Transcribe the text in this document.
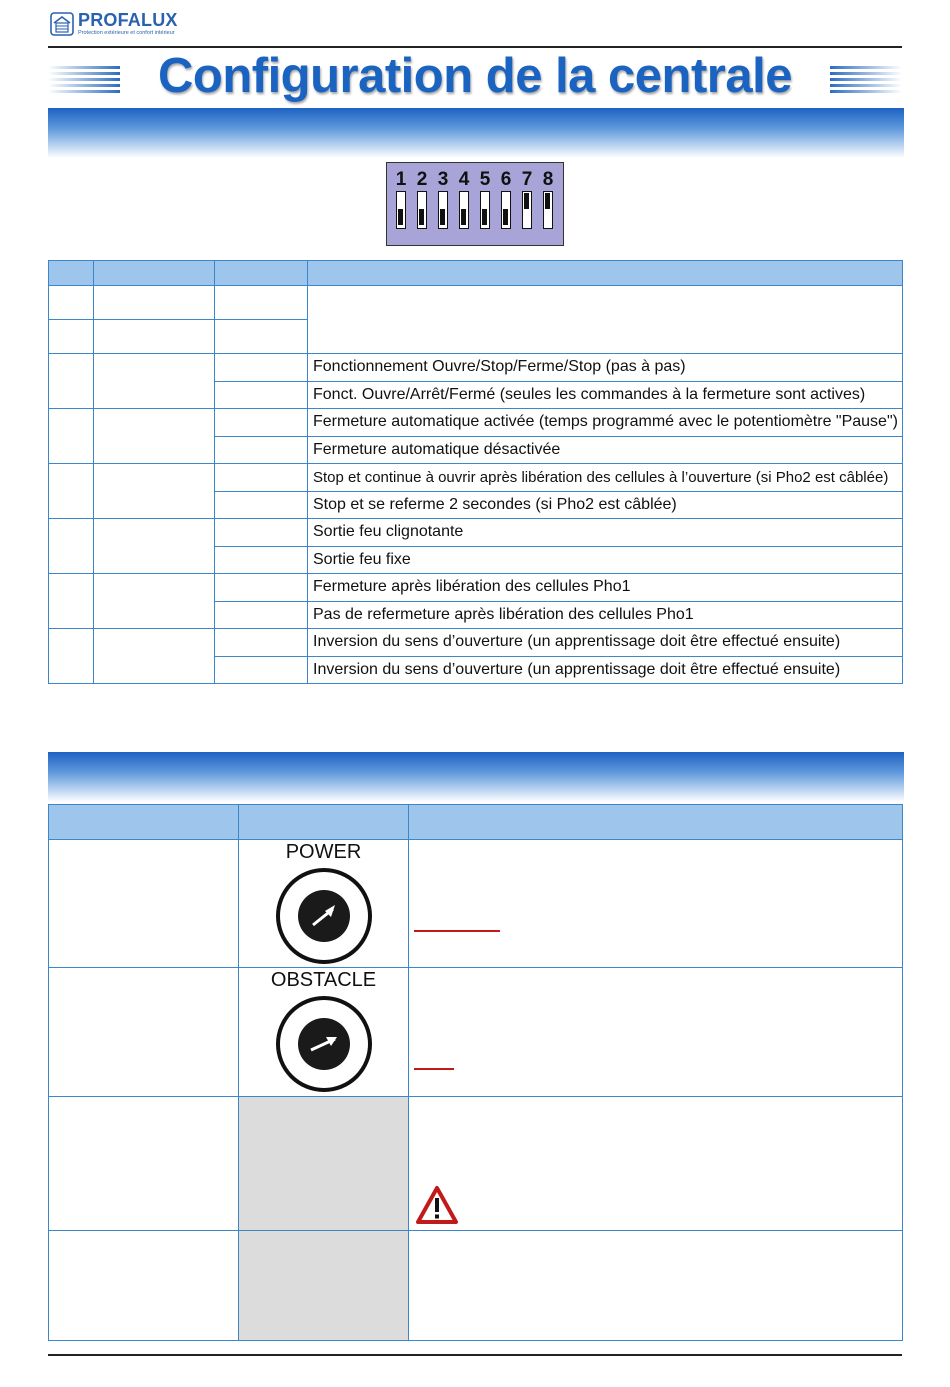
PROFALUX
Protection extérieure et confort intérieur
Configuration de la centrale
1 2 3 4 5 6 7 8

			Fonctionnement Ouvre/Stop/Ferme/Stop (pas à pas)
			Fonct. Ouvre/Arrêt/Fermé (seules les commandes à la fermeture sont actives)
			Fermeture automatique activée (temps programmé avec le potentiomètre "Pause")
			Fermeture automatique désactivée
			Stop et continue à ouvrir après libération des cellules à l’ouverture (si Pho2 est câblée)
			Stop et se referme 2 secondes (si Pho2 est câblée)
			Sortie feu clignotante
			Sortie feu fixe
			Fermeture après libération des cellules Pho1
			Pas de refermeture après libération des cellules Pho1
			Inversion du sens d’ouverture (un apprentissage doit être effectué ensuite)
			Inversion du sens d’ouverture (un apprentissage doit être effectué ensuite)

	POWER	

	OBSTACLE	
